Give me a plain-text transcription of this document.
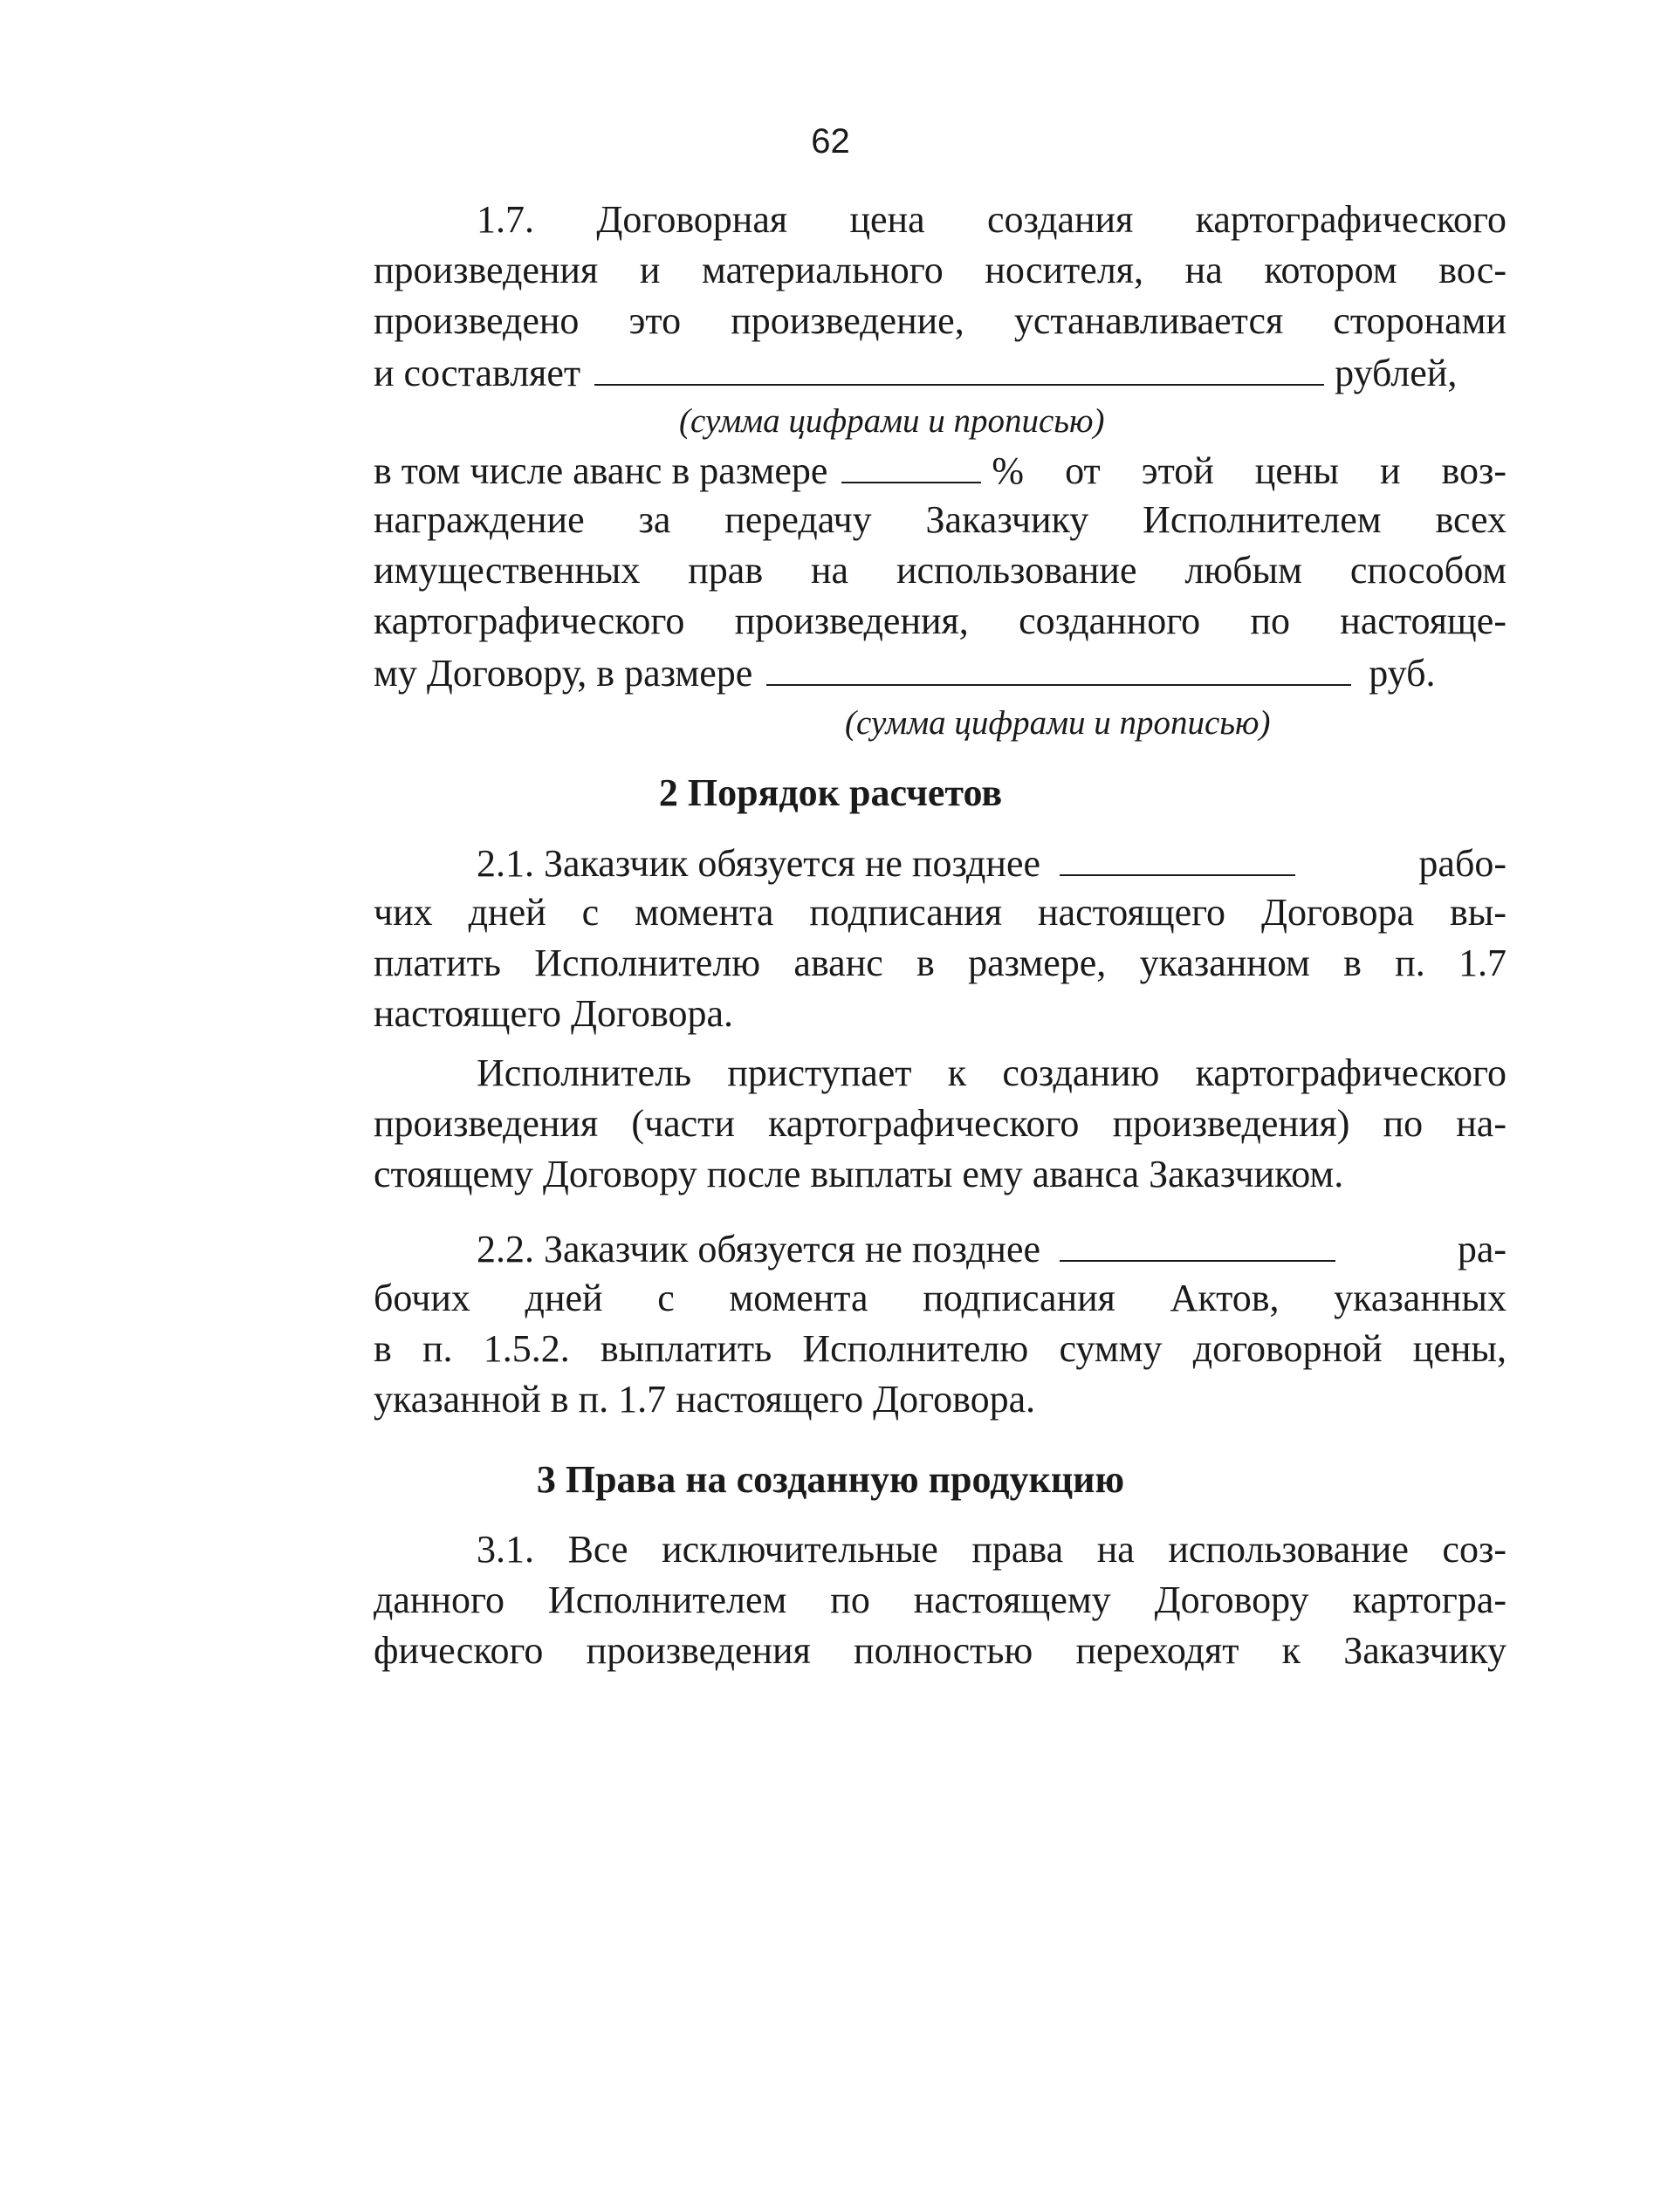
62
1.7. Договорная цена создания картографического
произведения и материального носителя, на котором вос-
произведено это произведение, устанавливается сторонами
и составляет	рублей,
(сумма цифрами и прописью)
в том числе аванс в размере	% от этой цены и воз-
награждение за передачу Заказчику Исполнителем всех
имущественных прав на использование любым способом
картографического произведения, созданного по настояще-
му Договору, в размере	руб.
(сумма цифрами и прописью)
2 Порядок расчетов
2.1. Заказчик обязуется не позднее	рабо-
чих дней с момента подписания настоящего Договора вы-
платить Исполнителю аванс в размере, указанном в п. 1.7
настоящего Договора.
Исполнитель приступает к созданию картографического
произведения (части картографического произведения) по на-
стоящему Договору после выплаты ему аванса Заказчиком.
2.2. Заказчик обязуется не позднее	ра-
бочих дней с момента подписания Актов, указанных
в п. 1.5.2. выплатить Исполнителю сумму договорной цены,
указанной в п. 1.7 настоящего Договора.
3 Права на созданную продукцию
3.1. Все исключительные права на использование соз-
данного Исполнителем по настоящему Договору картогра-
фического произведения полностью переходят к Заказчику
